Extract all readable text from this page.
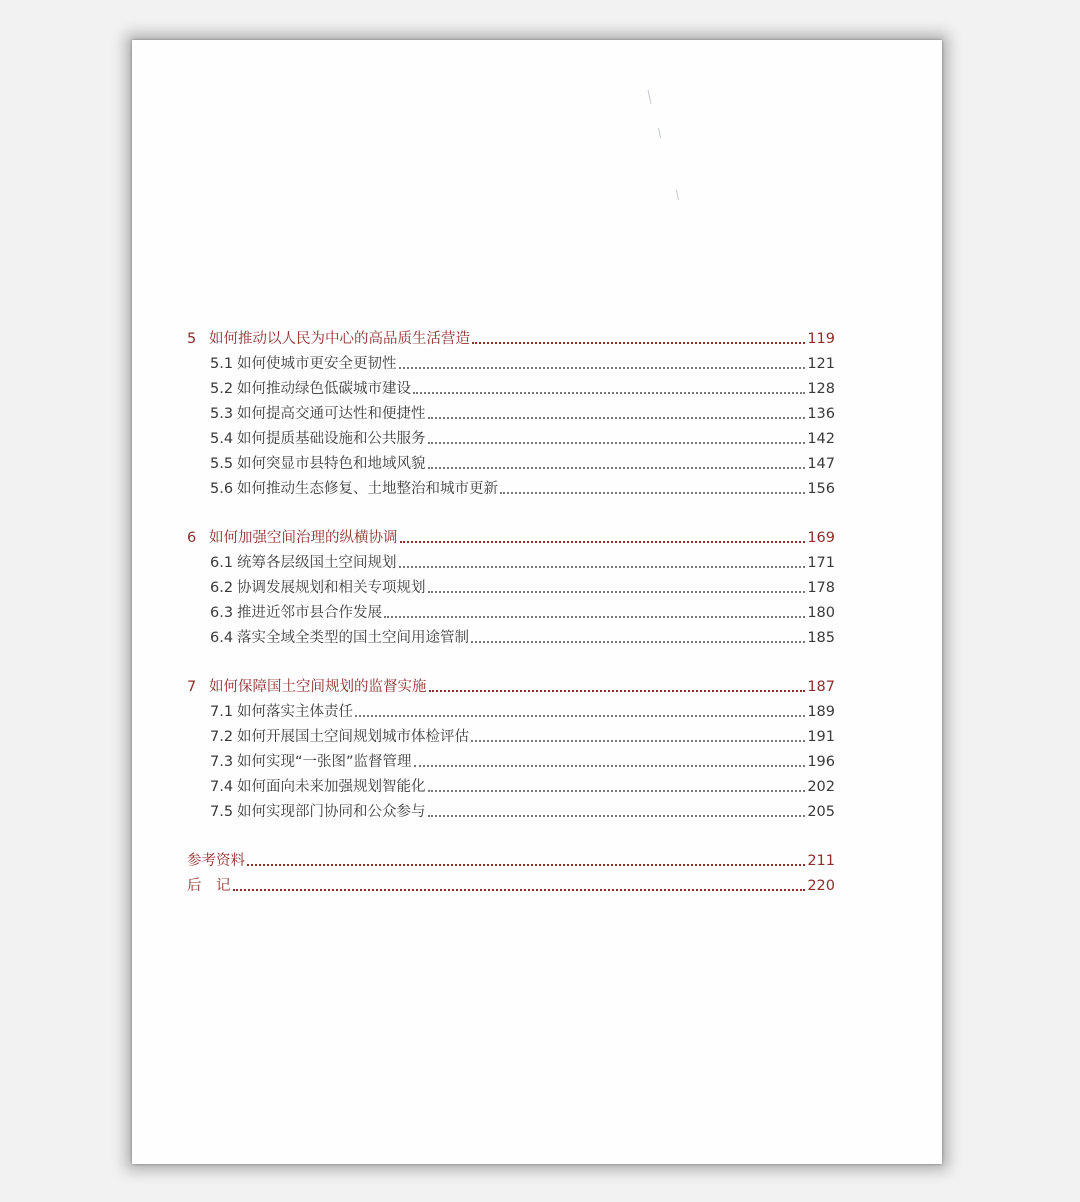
5 如何推动以人民为中心的高品质生活营造	119
5.1 如何使城市更安全更韧性	121
5.2 如何推动绿色低碳城市建设	128
5.3 如何提高交通可达性和便捷性	136
5.4 如何提质基础设施和公共服务	142
5.5 如何突显市县特色和地域风貌	147
5.6 如何推动生态修复、土地整治和城市更新	156
6 如何加强空间治理的纵横协调	169
6.1 统筹各层级国土空间规划	171
6.2 协调发展规划和相关专项规划	178
6.3 推进近邻市县合作发展	180
6.4 落实全域全类型的国土空间用途管制	185
7 如何保障国土空间规划的监督实施	187
7.1 如何落实主体责任	189
7.2 如何开展国土空间规划城市体检评估	191
7.3 如何实现“一张图”监督管理	196
7.4 如何面向未来加强规划智能化	202
7.5 如何实现部门协同和公众参与	205
参考资料	211
后　记	220
